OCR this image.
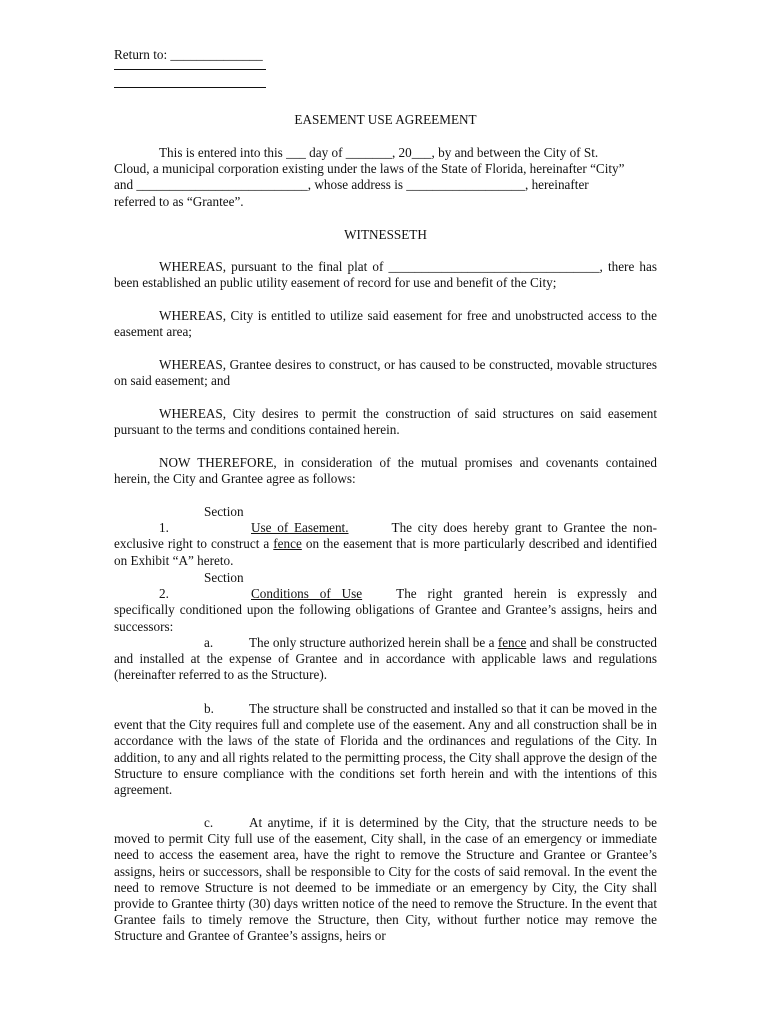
Return to: ______________
EASEMENT USE AGREEMENT
This is entered into this ___ day of _______, 20___, by and between the City of St.
Cloud, a municipal corporation existing under the laws of the State of Florida, hereinafter “City”
and __________________________, whose address is __________________, hereinafter
referred to as “Grantee”.
WITNESSETH

WHEREAS, pursuant to the final plat of ________________________________, there has been established an public utility easement of record for use and benefit of the City;

WHEREAS, City is entitled to utilize said easement for free and unobstructed access to the easement area;

WHEREAS, Grantee desires to construct, or has caused to be constructed, movable structures on said easement; and

WHEREAS, City desires to permit the construction of said structures on said easement pursuant to the terms and conditions contained herein.

NOW THEREFORE, in consideration of the mutual promises and covenants contained herein, the City and Grantee agree as follows:

Section 1.	Use of Easement.	The city does hereby grant to Grantee the non-exclusive right to construct a fence on the easement that is more particularly described and identified on Exhibit “A” hereto.

Section 2.	Conditions of Use	The right granted herein is expressly and specifically conditioned upon the following obligations of Grantee and Grantee’s assigns, heirs and successors:

a.	The only structure authorized herein shall be a fence and shall be constructed and installed at the expense of Grantee and in accordance with applicable laws and regulations (hereinafter referred to as the Structure).

b.	The structure shall be constructed and installed so that it can be moved in the event that the City requires full and complete use of the easement. Any and all construction shall be in accordance with the laws of the state of Florida and the ordinances and regulations of the City. In addition, to any and all rights related to the permitting process, the City shall approve the design of the Structure to ensure compliance with the conditions set forth herein and with the intentions of this agreement.

c.	At anytime, if it is determined by the City, that the structure needs to be moved to permit City full use of the easement, City shall, in the case of an emergency or immediate need to access the easement area, have the right to remove the Structure and Grantee or Grantee’s assigns, heirs or successors, shall be responsible to City for the costs of said removal. In the event the need to remove Structure is not deemed to be immediate or an emergency by City, the City shall provide to Grantee thirty (30) days written notice of the need to remove the Structure. In the event that Grantee fails to timely remove the Structure, then City, without further notice may remove the Structure and Grantee of Grantee’s assigns, heirs or
